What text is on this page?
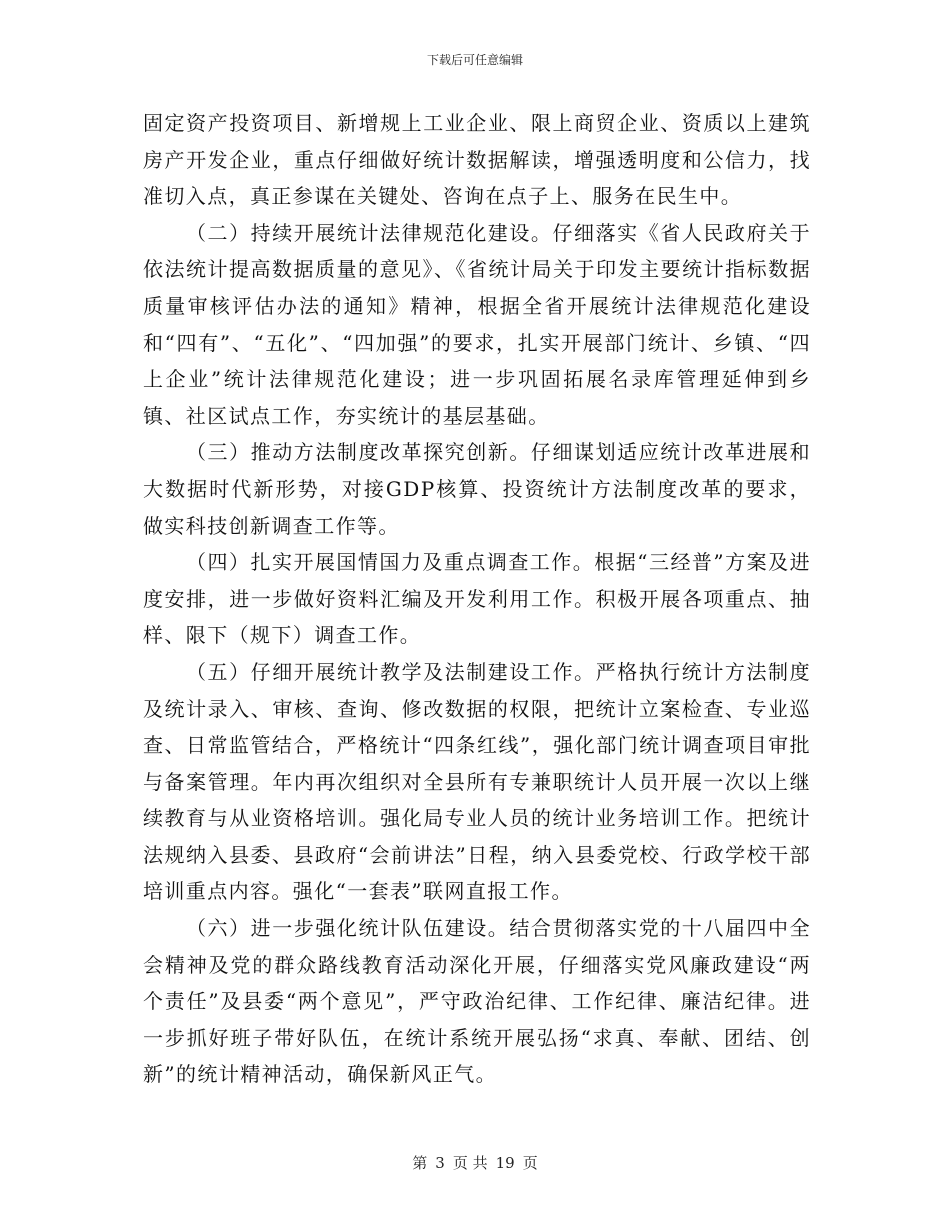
下载后可任意编辑

固定资产投资项目、新增规上工业企业、限上商贸企业、资质以上建筑房产开发企业，重点仔细做好统计数据解读，增强透明度和公信力，找准切入点，真正参谋在关键处、咨询在点子上、服务在民生中。

（二）持续开展统计法律规范化建设。仔细落实《省人民政府关于依法统计提高数据质量的意见》、《省统计局关于印发主要统计指标数据质量审核评估办法的通知》精神，根据全省开展统计法律规范化建设和“四有”、“五化”、“四加强”的要求，扎实开展部门统计、乡镇、“四上企业”统计法律规范化建设；进一步巩固拓展名录库管理延伸到乡镇、社区试点工作，夯实统计的基层基础。

（三）推动方法制度改革探究创新。仔细谋划适应统计改革进展和大数据时代新形势，对接GDP核算、投资统计方法制度改革的要求，做实科技创新调查工作等。

（四）扎实开展国情国力及重点调查工作。根据“三经普”方案及进度安排，进一步做好资料汇编及开发利用工作。积极开展各项重点、抽样、限下（规下）调查工作。

（五）仔细开展统计教学及法制建设工作。严格执行统计方法制度及统计录入、审核、查询、修改数据的权限，把统计立案检查、专业巡查、日常监管结合，严格统计“四条红线”，强化部门统计调查项目审批与备案管理。年内再次组织对全县所有专兼职统计人员开展一次以上继续教育与从业资格培训。强化局专业人员的统计业务培训工作。把统计法规纳入县委、县政府“会前讲法”日程，纳入县委党校、行政学校干部培训重点内容。强化“一套表”联网直报工作。

（六）进一步强化统计队伍建设。结合贯彻落实党的十八届四中全会精神及党的群众路线教育活动深化开展，仔细落实党风廉政建设“两个责任”及县委“两个意见”，严守政治纪律、工作纪律、廉洁纪律。进一步抓好班子带好队伍，在统计系统开展弘扬“求真、奉献、团结、创新”的统计精神活动，确保新风正气。

第 3 页 共 19 页
